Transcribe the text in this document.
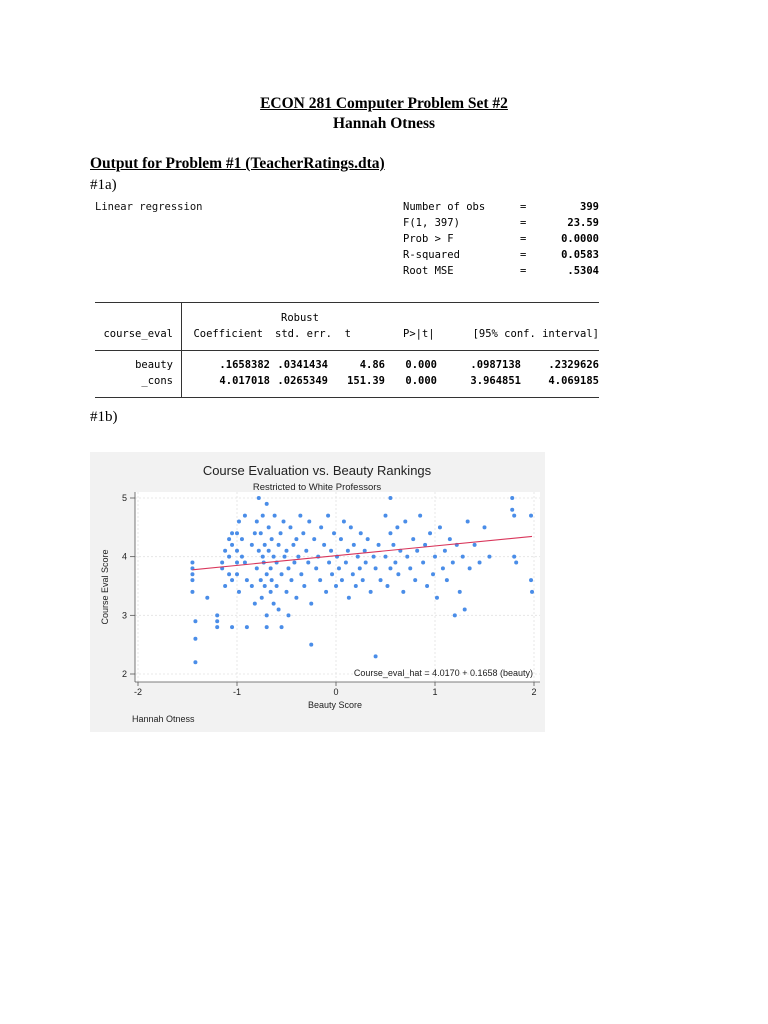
ECON 281 Computer Problem Set #2
Hannah Otness
Output for Problem #1 (TeacherRatings.dta)
#1a)
Linear regression	Number of obs	=	399
F(1, 397)	=	23.59
Prob > F	=	0.0000
R-squared	=	0.0583
Root MSE	=	.5304
Robust
course_eval	Coefficient std. err.	t	P>|t|	[95% conf. interval]
beauty	.1658382 .0341434	4.86	0.000	.0987138	.2329626
_cons	4.017018 .0265349	151.39	0.000	3.964851	4.069185
#1b)
2
3
4
5
-2	-1	0	1	2
Course Evaluation vs. Beauty Rankings
Restricted to White Professors
Beauty Score
Course Eval Score
Course_eval_hat = 4.0170 + 0.1658 (beauty)
Hannah Otness
